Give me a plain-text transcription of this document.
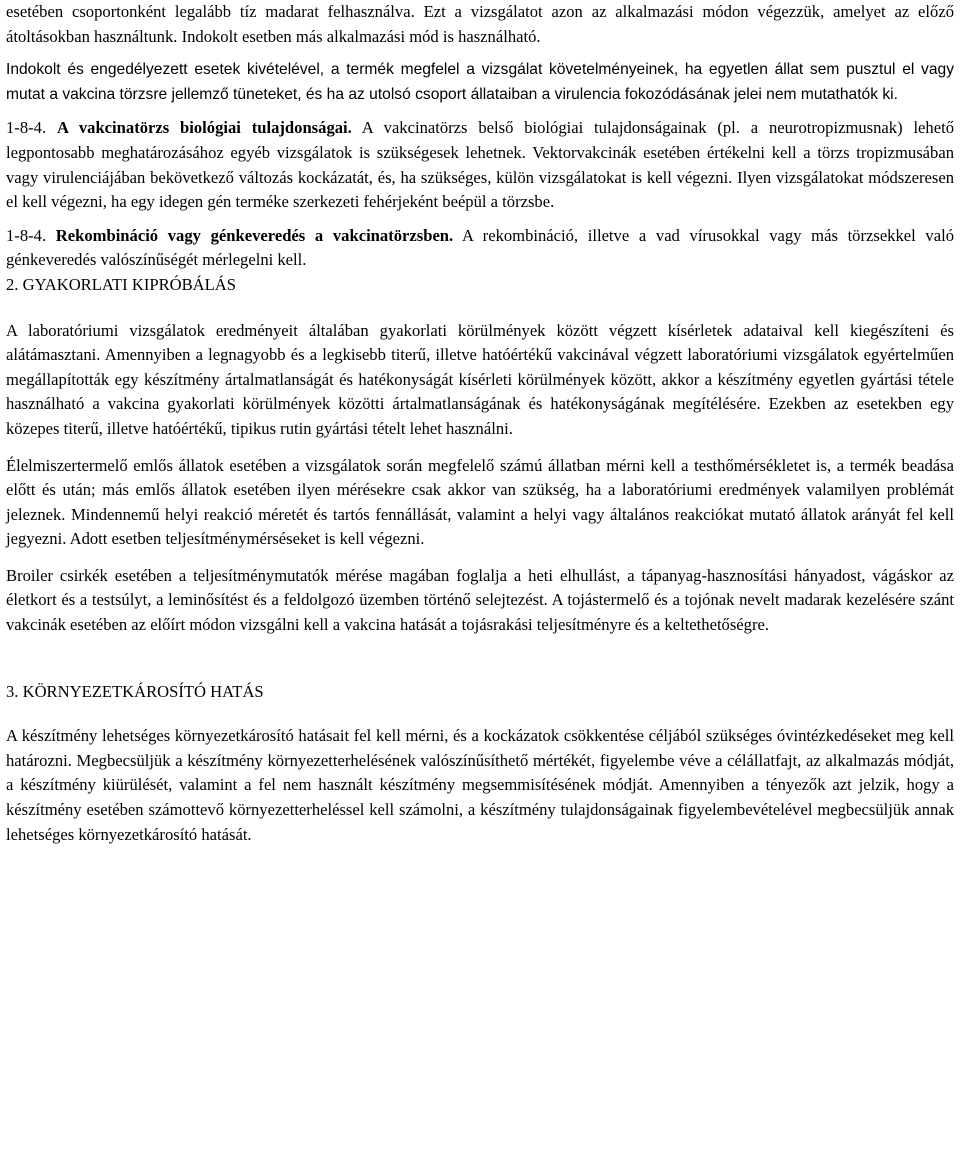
esetében csoportonként legalább tíz madarat felhasználva. Ezt a vizsgálatot azon az alkalmazási módon végezzük, amelyet az előző átoltásokban használtunk. Indokolt esetben más alkalmazási mód is használható.

Indokolt és engedélyezett esetek kivételével, a termék megfelel a vizsgálat követelményeinek, ha egyetlen állat sem pusztul el vagy mutat a vakcina törzsre jellemző tüneteket, és ha az utolsó csoport állataiban a virulencia fokozódásának jelei nem mutathatók ki.

1-8-4. A vakcinatörzs biológiai tulajdonságai. A vakcinatörzs belső biológiai tulajdonságainak (pl. a neurotropizmusnak) lehető legpontosabb meghatározásához egyéb vizsgálatok is szükségesek lehetnek. Vektorvakcinák esetében értékelni kell a törzs tropizmusában vagy virulenciájában bekövetkező változás kockázatát, és, ha szükséges, külön vizsgálatokat is kell végezni. Ilyen vizsgálatokat módszeresen el kell végezni, ha egy idegen gén terméke szerkezeti fehérjeként beépül a törzsbe.

1-8-4. Rekombináció vagy génkeveredés a vakcinatörzsben. A rekombináció, illetve a vad vírusokkal vagy más törzsekkel való génkeveredés valószínűségét mérlegelni kell.

2. GYAKORLATI KIPRÓBÁLÁS

A laboratóriumi vizsgálatok eredményeit általában gyakorlati körülmények között végzett kísérletek adataival kell kiegészíteni és alátámasztani. Amennyiben a legnagyobb és a legkisebb titerű, illetve hatóértékű vakcinával végzett laboratóriumi vizsgálatok egyértelműen megállapították egy készítmény ártalmatlanságát és hatékonyságát kísérleti körülmények között, akkor a készítmény egyetlen gyártási tétele használható a vakcina gyakorlati körülmények közötti ártalmatlanságának és hatékonyságának megítélésére. Ezekben az esetekben egy közepes titerű, illetve hatóértékű, tipikus rutin gyártási tételt lehet használni.

Élelmiszertermelő emlős állatok esetében a vizsgálatok során megfelelő számú állatban mérni kell a testhőmérsékletet is, a termék beadása előtt és után; más emlős állatok esetében ilyen mérésekre csak akkor van szükség, ha a laboratóriumi eredmények valamilyen problémát jeleznek. Mindennemű helyi reakció méretét és tartós fennállását, valamint a helyi vagy általános reakciókat mutató állatok arányát fel kell jegyezni. Adott esetben teljesítménymérséseket is kell végezni.

Broiler csirkék esetében a teljesítménymutatók mérése magában foglalja a heti elhullást, a tápanyag-hasznosítási hányadost, vágáskor az életkort és a testsúlyt, a leminősítést és a feldolgozó üzemben történő selejtezést. A tojástermelő és a tojónak nevelt madarak kezelésére szánt vakcinák esetében az előírt módon vizsgálni kell a vakcina hatását a tojásrakási teljesítményre és a keltethetőségre.

3. KÖRNYEZETKÁROSÍTÓ HATÁS

A készítmény lehetséges környezetkárosító hatásait fel kell mérni, és a kockázatok csökkentése céljából szükséges óvintézkedéseket meg kell határozni. Megbecsüljük a készítmény környezetterhelésének valószínűsíthető mértékét, figyelembe véve a célállatfajt, az alkalmazás módját, a készítmény kiürülését, valamint a fel nem használt készítmény megsemmisítésének módját. Amennyiben a tényezők azt jelzik, hogy a készítmény esetében számottevő környezetterheléssel kell számolni, a készítmény tulajdonságainak figyelembevételével megbecsüljük annak lehetséges környezetkárosító hatását.
